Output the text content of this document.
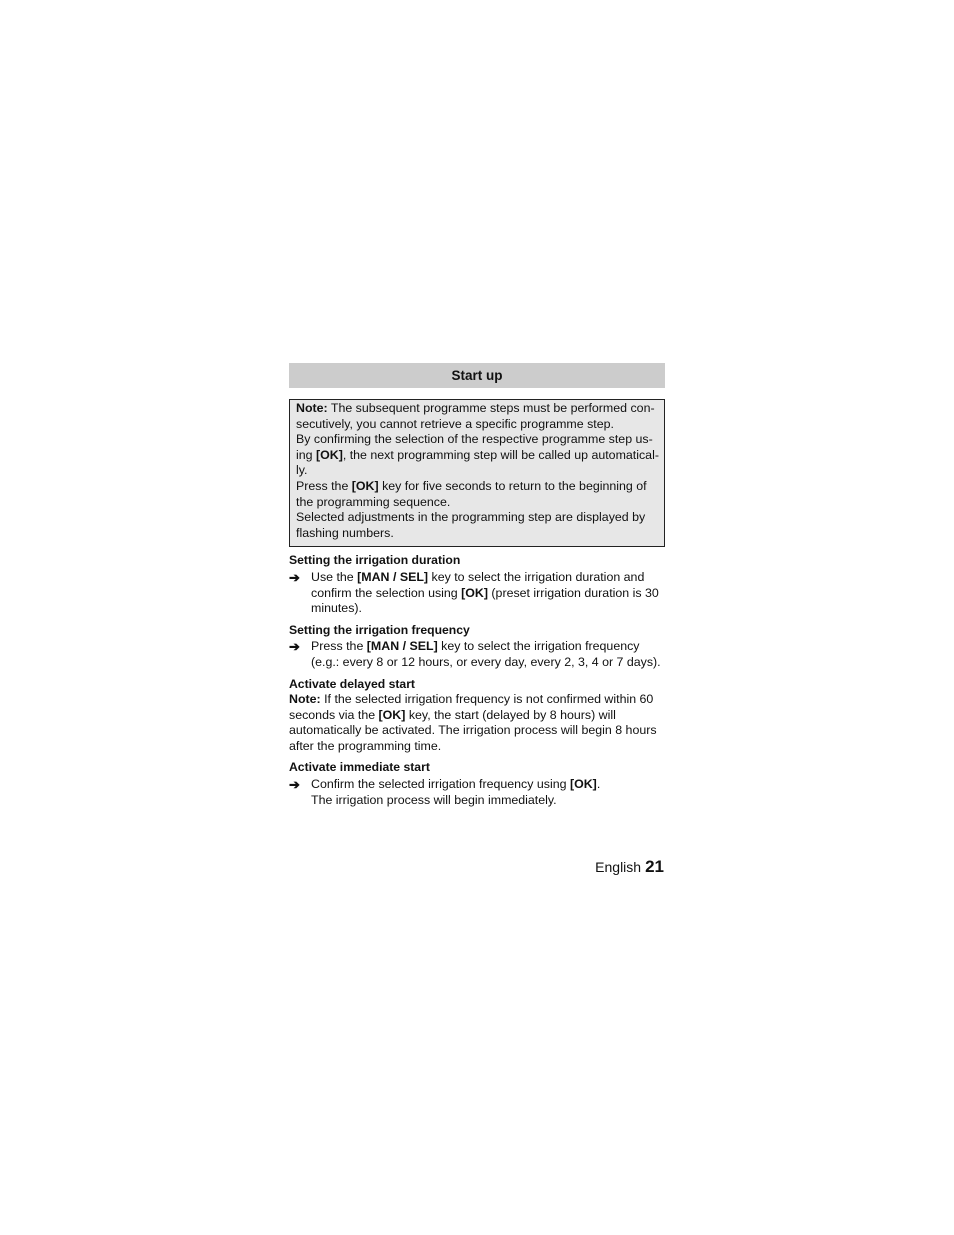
Start up

Note: The subsequent programme steps must be performed consecutively, you cannot retrieve a specific programme step.

By confirming the selection of the respective programme step using [OK], the next programming step will be called up automatically.

Press the [OK] key for five seconds to return to the beginning of the programming sequence.

Selected adjustments in the programming step are displayed by flashing numbers.

Setting the irrigation duration

➔ Use the [MAN / SEL] key to select the irrigation duration and confirm the selection using [OK] (preset irrigation duration is 30 minutes).

Setting the irrigation frequency

➔ Press the [MAN / SEL] key to select the irrigation frequency (e.g.: every 8 or 12 hours, or every day, every 2, 3, 4 or 7 days).

Activate delayed start

Note: If the selected irrigation frequency is not confirmed within 60 seconds via the [OK] key, the start (delayed by 8 hours) will automatically be activated. The irrigation process will begin 8 hours after the programming time.

Activate immediate start

➔ Confirm the selected irrigation frequency using [OK].
The irrigation process will begin immediately.

English 21
